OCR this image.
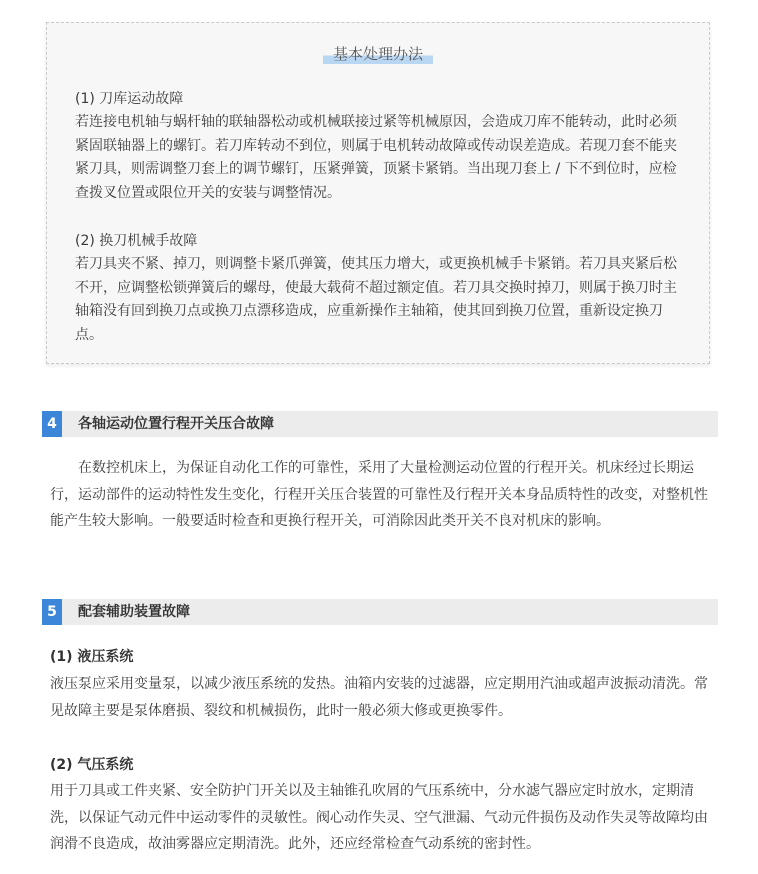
基本处理办法
(1) 刀库运动故障
若连接电机轴与蜗杆轴的联轴器松动或机械联接过紧等机械原因，会造成刀库不能转动，此时必须紧固联轴器上的螺钉。若刀库转动不到位，则属于电机转动故障或传动误差造成。若现刀套不能夹紧刀具，则需调整刀套上的调节螺钉，压紧弹簧，顶紧卡紧销。当出现刀套上 / 下不到位时，应检查拨叉位置或限位开关的安装与调整情况。
(2) 换刀机械手故障
若刀具夹不紧、掉刀，则调整卡紧爪弹簧，使其压力增大，或更换机械手卡紧销。若刀具夹紧后松不开，应调整松锁弹簧后的螺母，使最大载荷不超过额定值。若刀具交换时掉刀，则属于换刀时主轴箱没有回到换刀点或换刀点漂移造成，应重新操作主轴箱，使其回到换刀位置，重新设定换刀点。
4	各轴运动位置行程开关压合故障
在数控机床上，为保证自动化工作的可靠性，采用了大量检测运动位置的行程开关。机床经过长期运行，运动部件的运动特性发生变化，行程开关压合装置的可靠性及行程开关本身品质特性的改变，对整机性能产生较大影响。一般要适时检查和更换行程开关，可消除因此类开关不良对机床的影响。
5	配套辅助装置故障
(1) 液压系统
液压泵应采用变量泵，以减少液压系统的发热。油箱内安装的过滤器，应定期用汽油或超声波振动清洗。常见故障主要是泵体磨损、裂纹和机械损伤，此时一般必须大修或更换零件。
(2) 气压系统
用于刀具或工件夹紧、安全防护门开关以及主轴锥孔吹屑的气压系统中，分水滤气器应定时放水，定期清洗，以保证气动元件中运动零件的灵敏性。阀心动作失灵、空气泄漏、气动元件损伤及动作失灵等故障均由润滑不良造成，故油雾器应定期清洗。此外，还应经常检查气动系统的密封性。
